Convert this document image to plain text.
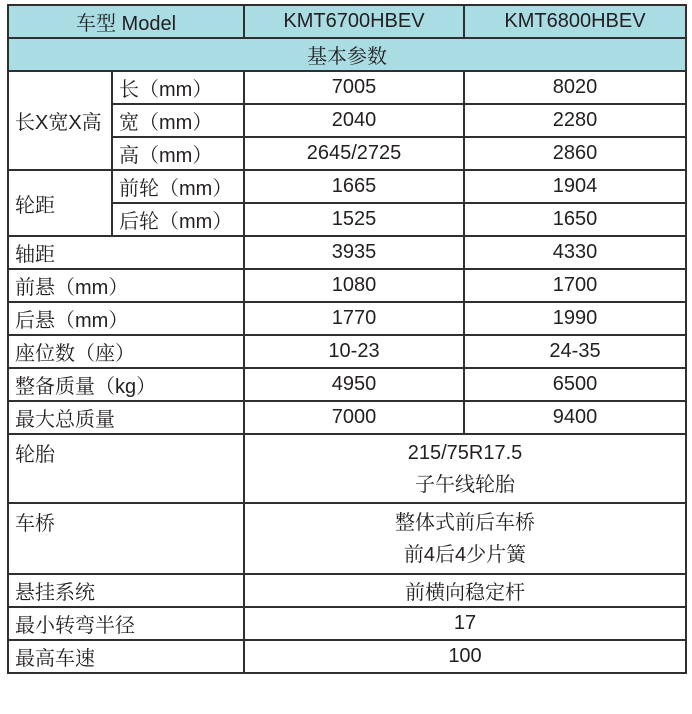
车型 Model		KMT6700HBEV	KMT6800HBEV
基本参数			
长X宽X高	长（mm）	7005	8020
	宽（mm）	2040	2280
	高（mm）	2645/2725	2860
轮距	前轮（mm）	1665	1904
	后轮（mm）	1525	1650
轴距		3935	4330
前悬（mm）		1080	1700
后悬（mm）		1770	1990
座位数（座）		10-23	24-35
整备质量（kg）		4950	6500
最大总质量		7000	9400
轮胎		215/75R17.5
子午线轮胎	

车桥		整体式前后车桥
前4后4少片簧	

悬挂系统		前横向稳定杆	
最小转弯半径		17	
最高车速		100	
